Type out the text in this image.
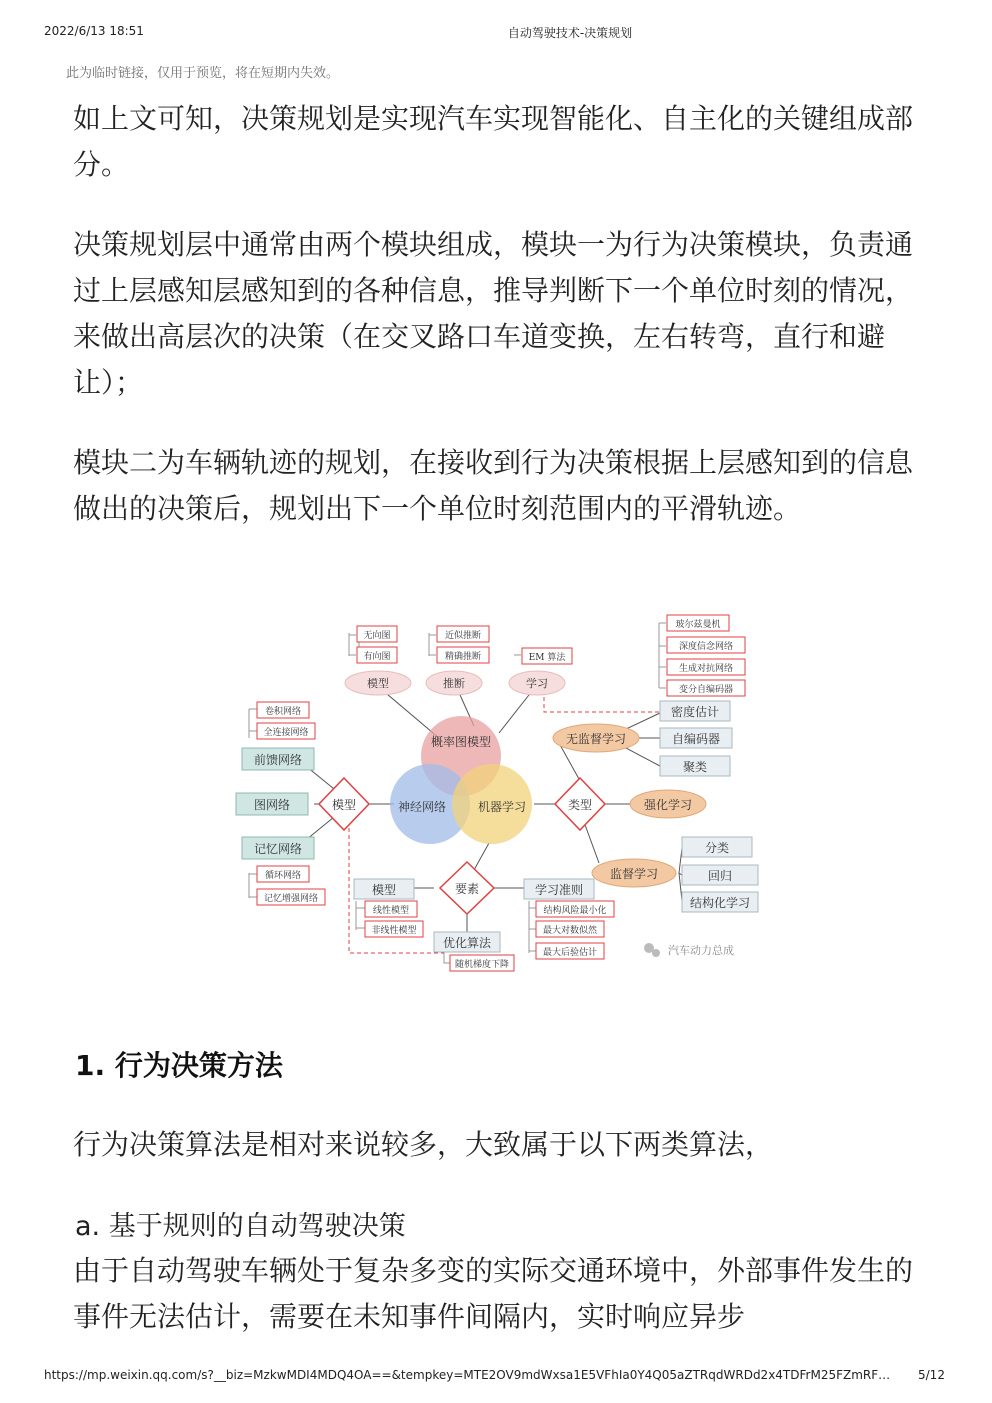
2022/6/13 18:51	自动驾驶技术-决策规划
此为临时链接，仅用于预览，将在短期内失效。

如上文可知，决策规划是实现汽车实现智能化、自主化的关键组成部分。

决策规划层中通常由两个模块组成，模块一为行为决策模块，负责通过上层感知层感知到的各种信息，推导判断下一个单位时刻的情况，来做出高层次的决策（在交叉路口车道变换，左右转弯，直行和避让）；

模块二为车辆轨迹的规划，在接收到行为决策根据上层感知到的信息做出的决策后，规划出下一个单位时刻范围内的平滑轨迹。

概率图模型
神经网络	机器学习
模型	推断	学习
无向图
有向图
近似推断
精确推断	EM 算法
玻尔兹曼机
深度信念网络
生成对抗网络
变分自编码器
卷积网络
全连接网络
循环网络
记忆增强网络
线性模型
非线性模型
结构风险最小化
最大对数似然
最大后验估计
随机梯度下降
前馈网络
图网络
记忆网络
密度估计
自编码器
聚类
分类
回归
结构化学习
模型	学习准则
优化算法
无监督学习
强化学习
监督学习
模型	类型
要素
汽车动力总成
1. 行为决策方法

行为决策算法是相对来说较多，大致属于以下两类算法，

a. 基于规则的自动驾驶决策

由于自动驾驶车辆处于复杂多变的实际交通环境中，外部事件发生的事件无法估计，需要在未知事件间隔内，实时响应异步

https://mp.weixin.qq.com/s?__biz=MzkwMDI4MDQ4OA==&tempkey=MTE2OV9mdWxsa1E5VFhIa0Y4Q05aZTRqdWRDd2x4TDFrM25FZmRF… 5/12
